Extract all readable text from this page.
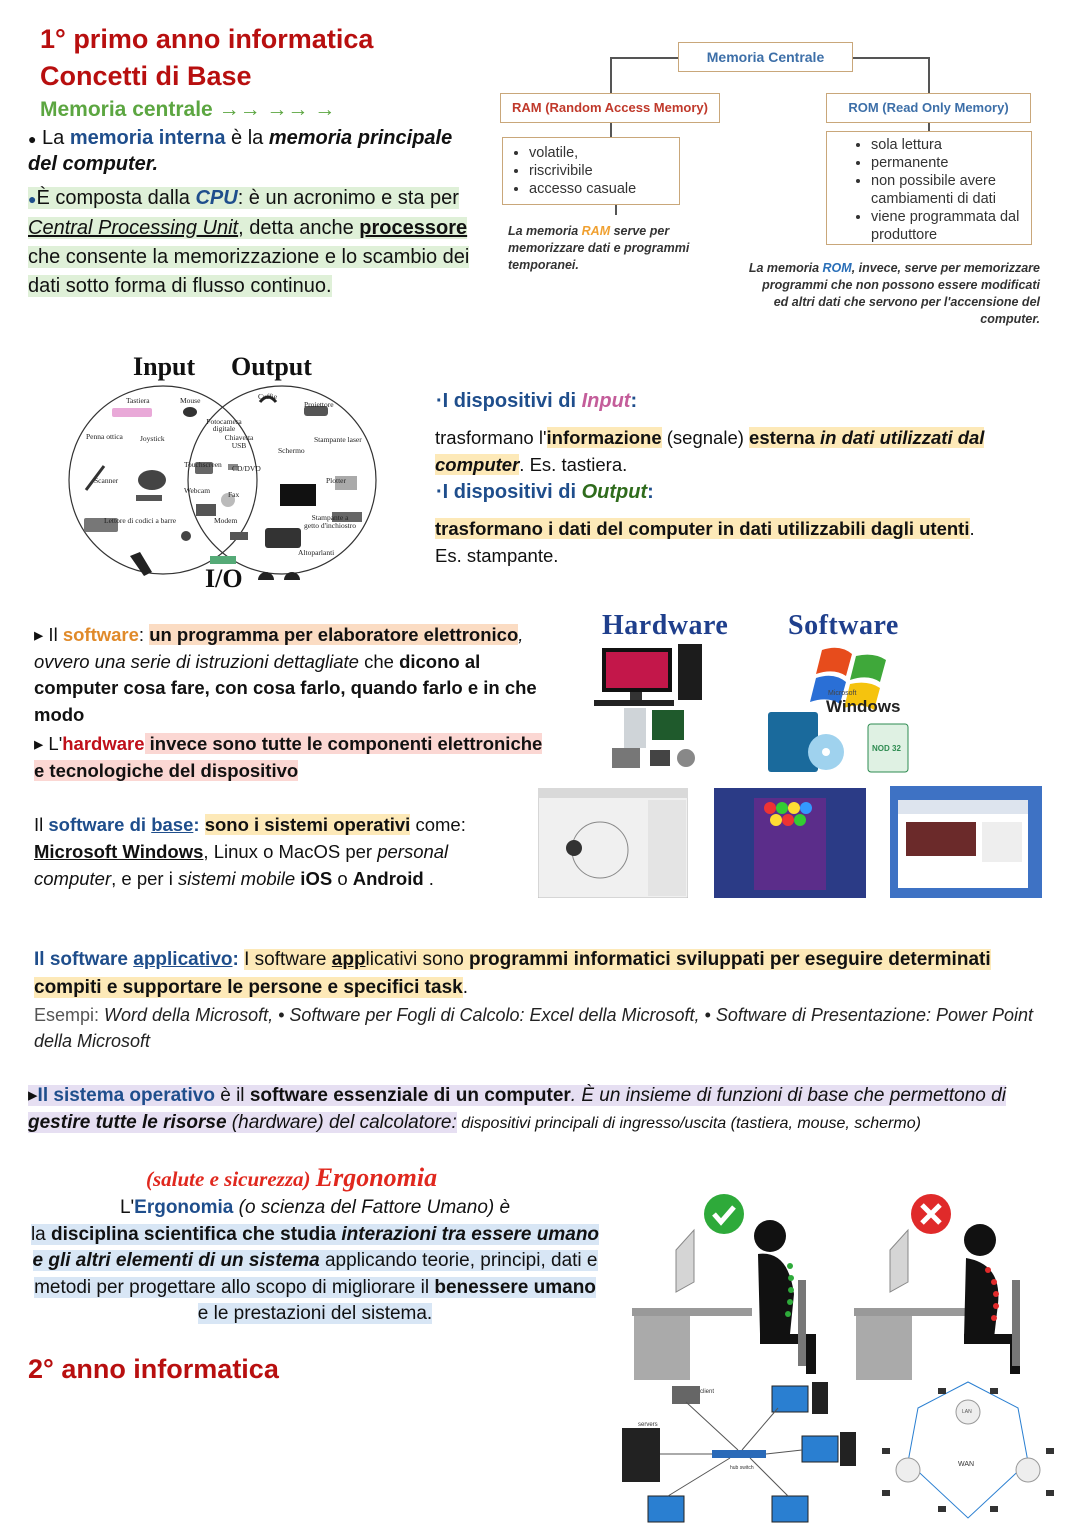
1° primo anno informatica
Concetti di Base
Memoria centrale →→ →→ →
● La memoria interna è la memoria principale del computer.
●È composta dalla CPU: è un acronimo e sta per Central Processing Unit, detta anche processore che consente la memorizzazione e lo scambio dei dati sotto forma di flusso continuo.
Memoria Centrale
RAM (Random Access Memory)
• volatile,
• riscrivibile
• accesso casuale
La memoria RAM serve per memorizzare dati e programmi temporanei.
ROM (Read Only Memory)
• sola lettura
• permanente
• non possibile avere cambiamenti di dati
• viene programmata dal produttore
La memoria ROM, invece, serve per memorizzare programmi che non possono essere modificati ed altri dati che servono per l'accensione del computer.
Input Output
I/O
Tastiera	Mouse	Cuffie
Proiettore
Penna ottica Joystick
Fotocamera digitale
Chiavetta USB
Stampante laser
Scanner
Touchscreen CD/DVD
Schermo
Webcam Fax
Plotter
Lettore di codici a barre	Modem	Stampante a getto d'inchiostro
Altoparlanti
·I dispositivi di Input:
trasformano l'informazione (segnale) esterna in dati utilizzati dal computer. Es. tastiera.
·I dispositivi di Output:
trasformano i dati del computer in dati utilizzabili dagli utenti.
Es. stampante.
▸ Il software: un programma per elaboratore elettronico, ovvero una serie di istruzioni dettagliate che dicono al computer cosa fare, con cosa farlo, quando farlo e in che modo
▸ L'hardware invece sono tutte le componenti elettroniche e tecnologiche del dispositivo
Il software di base: sono i sistemi operativi come: Microsoft Windows, Linux o MacOS per personal computer, e per i sistemi mobile iOS o Android .
Hardware Software
Microsoft
Windows
NOD 32
Il software applicativo: I software applicativi sono programmi informatici sviluppati per eseguire determinati compiti e supportare le persone e specifici task.
Esempi: Word della Microsoft, • Software per Fogli di Calcolo: Excel della Microsoft, • Software di Presentazione: Power Point della Microsoft
▸Il sistema operativo è il software essenziale di un computer. È un insieme di funzioni di base che permettono di gestire tutte le risorse (hardware) del calcolatore: dispositivi principali di ingresso/uscita (tastiera, mouse, schermo)
(salute e sicurezza) Ergonomia
L'Ergonomia (o scienza del Fattore Umano) è
la disciplina scientifica che studia interazioni tra essere umano e gli altri elementi di un sistema applicando teorie, principi, dati e metodi per progettare allo scopo di migliorare il benessere umano e le prestazioni del sistema.
2° anno informatica
client
servers
hub switch	WAN
LAN
